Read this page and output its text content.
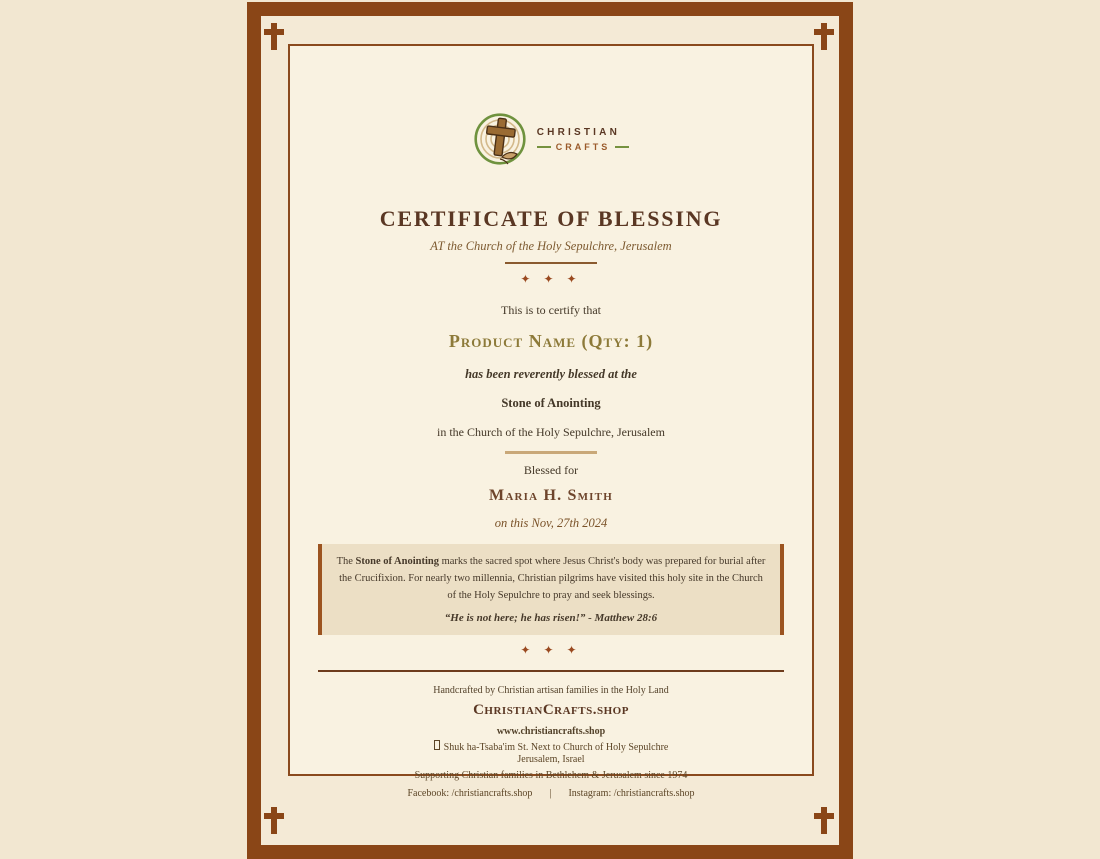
CHRISTIAN
CRAFTS
CERTIFICATE OF BLESSING
AT the Church of the Holy Sepulchre, Jerusalem
✦ ✦ ✦
This is to certify that
Product Name (Qty: 1)
has been reverently blessed at the
Stone of Anointing
in the Church of the Holy Sepulchre, Jerusalem
Blessed for
Maria H. Smith
on this Nov, 27th 2024

The Stone of Anointing marks the sacred spot where Jesus Christ's body was prepared for burial after the Crucifixion. For nearly two millennia, Christian pilgrims have visited this holy site in the Church of the Holy Sepulchre to pray and seek blessings.

“He is not here; he has risen!” - Matthew 28:6
✦ ✦ ✦
Handcrafted by Christian artisan families in the Holy Land
ChristianCrafts.shop
www.christiancrafts.shop
Shuk ha-Tsaba'im St. Next to Church of Holy Sepulchre
Jerusalem, Israel
Supporting Christian families in Bethlehem & Jerusalem since 1974
Facebook: /christiancrafts.shop | Instagram: /christiancrafts.shop
